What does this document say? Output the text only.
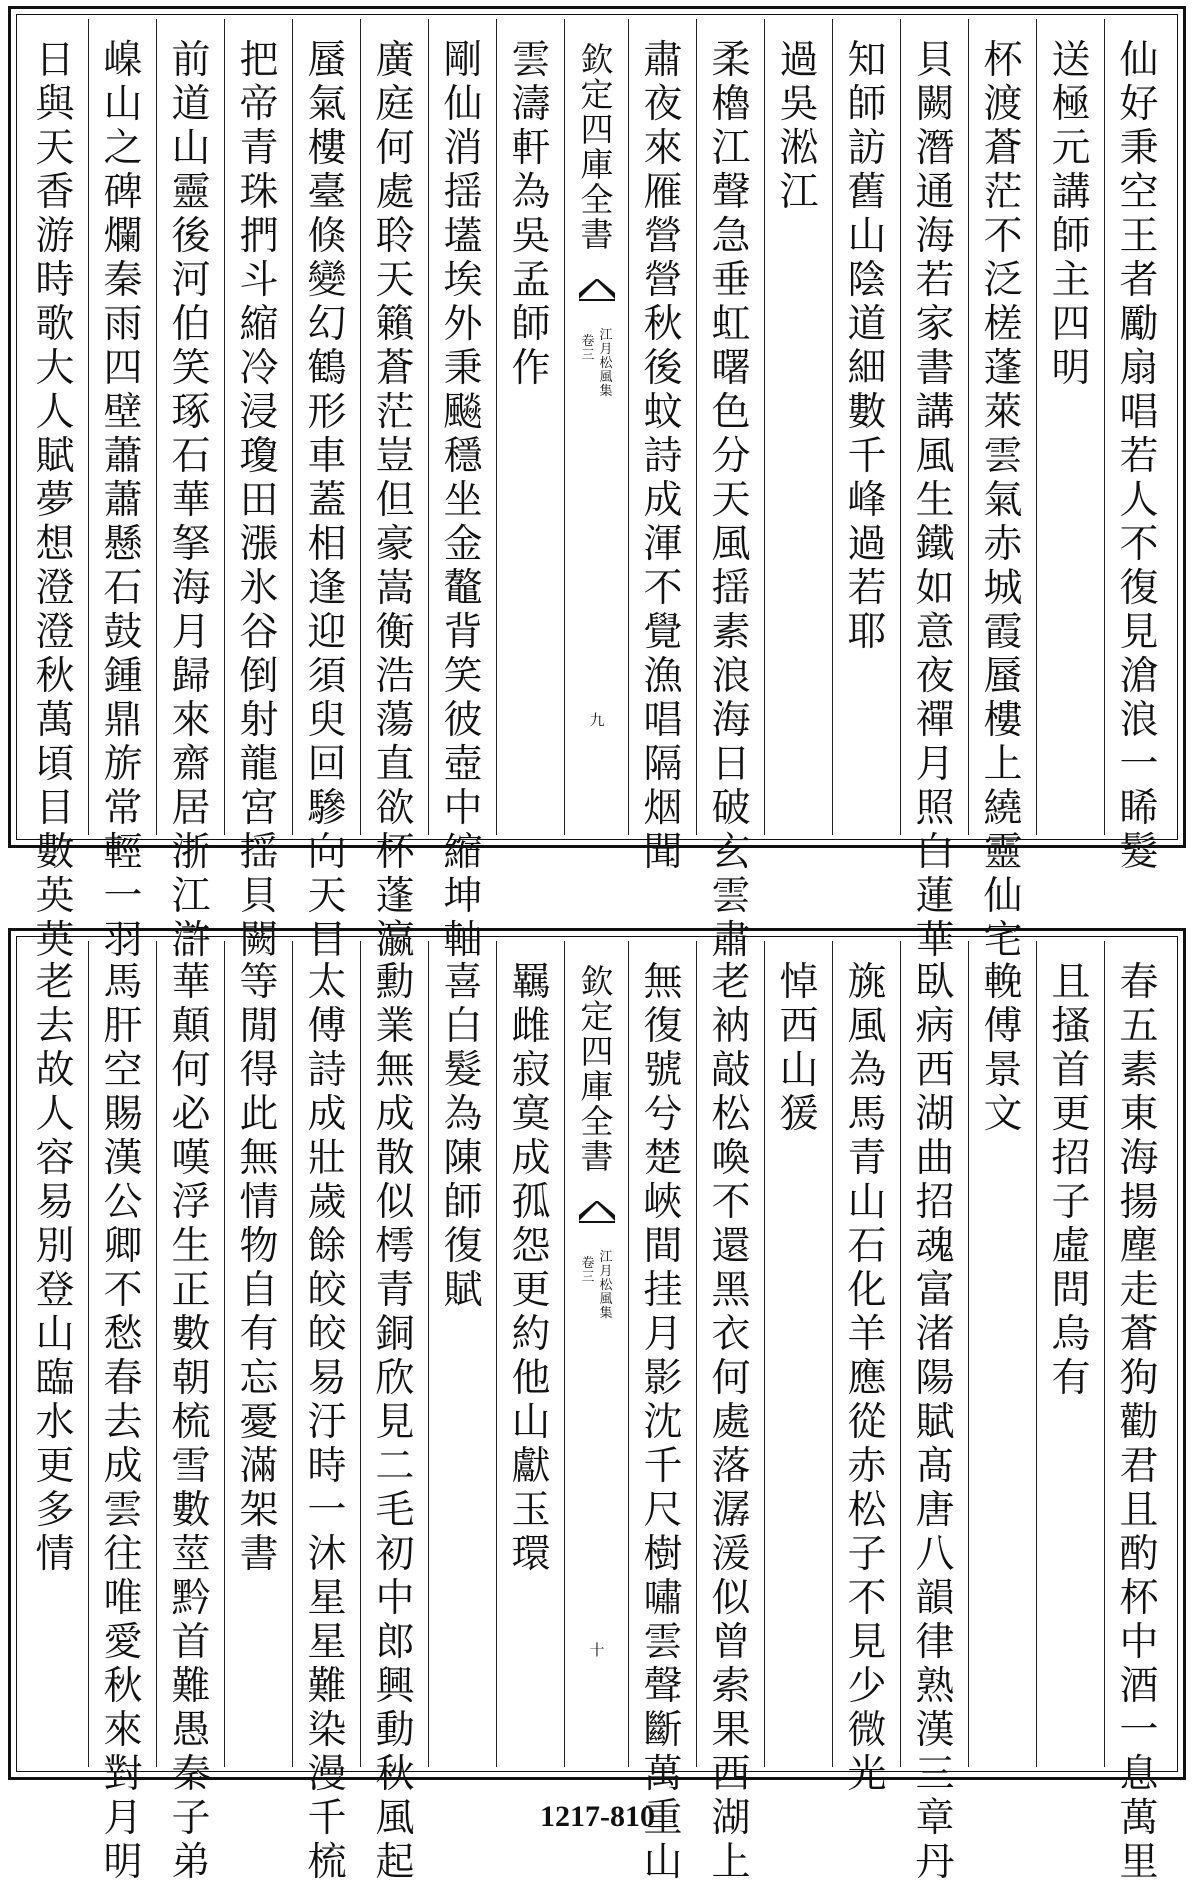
仙
好
秉
空
王
者
勵
扇
唱
若
人
不
復
見
滄
浪
一
睎
髮
送
極
元
講
師
主
四
明
杯
渡
蒼
茫
不
泛
槎
蓬
萊
雲
氣
赤
城
霞
蜃
樓
上
繞
靈
仙
宅
貝
闕
潛
通
海
若
家
書
講
風
生
鐵
如
意
夜
禪
月
照
白
蓮
華
知
師
訪
舊
山
陰
道
細
數
千
峰
過
若
耶
過
吳
淞
江
柔
櫓
江
聲
急
垂
虹
曙
色
分
天
風
揺
素
浪
海
日
破
玄
雲
肅
肅
夜
來
雁
營
營
秋
後
蚊
詩
成
渾
不
覺
漁
唱
隔
烟
聞
欽
定
四
庫
全
書
江
月
松
風
集
卷
三
九
雲
濤
軒
為
吳
孟
師
作
剛
仙
消
揺
壒
埃
外
秉
飈
穩
坐
金
鼇
背
笑
彼
壺
中
縮
坤
軸
廣
庭
何
處
聆
天
籟
蒼
茫
豈
但
豪
嵩
衡
浩
蕩
直
欲
杯
蓬
瀛
蜃
氣
樓
臺
倏
變
幻
鶴
形
車
蓋
相
逢
迎
須
臾
回
驂
向
天
目
把
帝
青
珠
捫
斗
縮
冷
浸
瓊
田
漲
氷
谷
倒
射
龍
宮
揺
貝
闕
前
道
山
靈
後
河
伯
笑
琢
石
華
拏
海
月
歸
來
齋
居
浙
江
滸
嵲
山
之
碑
爛
秦
雨
四
壁
蕭
蕭
懸
石
鼓
鍾
鼎
旂
常
輕
一
羽
日
與
天
香
游
時
歌
大
人
賦
夢
想
澄
澄
秋
萬
頃
目
數
英
英
春
五
素
東
海
揚
塵
走
蒼
狗
勸
君
且
酌
杯
中
酒
一
息
萬
里
且
搔
首
更
招
子
虛
問
烏
有
輓
傅
景
文
臥
病
西
湖
曲
招
魂
富
渚
陽
賦
髙
唐
八
韻
律
熟
漢
三
章
丹
旐
風
為
馬
青
山
石
化
羊
應
從
赤
松
子
不
見
少
微
光
悼
西
山
猨
老
衲
敲
松
喚
不
還
黑
衣
何
處
落
潺
湲
似
曾
索
果
西
湖
上
無
復
號
兮
楚
峽
間
挂
月
影
沈
千
尺
樹
嘯
雲
聲
斷
萬
重
山
欽
定
四
庫
全
書
江
月
松
風
集
卷
三
十
羈
雌
寂
寞
成
孤
怨
更
約
他
山
獻
玉
環
喜
白
髮
為
陳
師
復
賦
勳
業
無
成
散
似
樗
青
銅
欣
見
二
毛
初
中
郎
興
動
秋
風
起
太
傅
詩
成
壯
歲
餘
皎
皎
易
汙
時
一
沐
星
星
難
染
漫
千
梳
等
閒
得
此
無
情
物
自
有
忘
憂
滿
架
書
華
顛
何
必
嘆
浮
生
正
數
朝
梳
雪
數
莖
黔
首
難
愚
秦
子
弟
馬
肝
空
賜
漢
公
卿
不
愁
春
去
成
雲
往
唯
愛
秋
來
對
月
明
老
去
故
人
容
易
別
登
山
臨
水
更
多
情
1217-810
